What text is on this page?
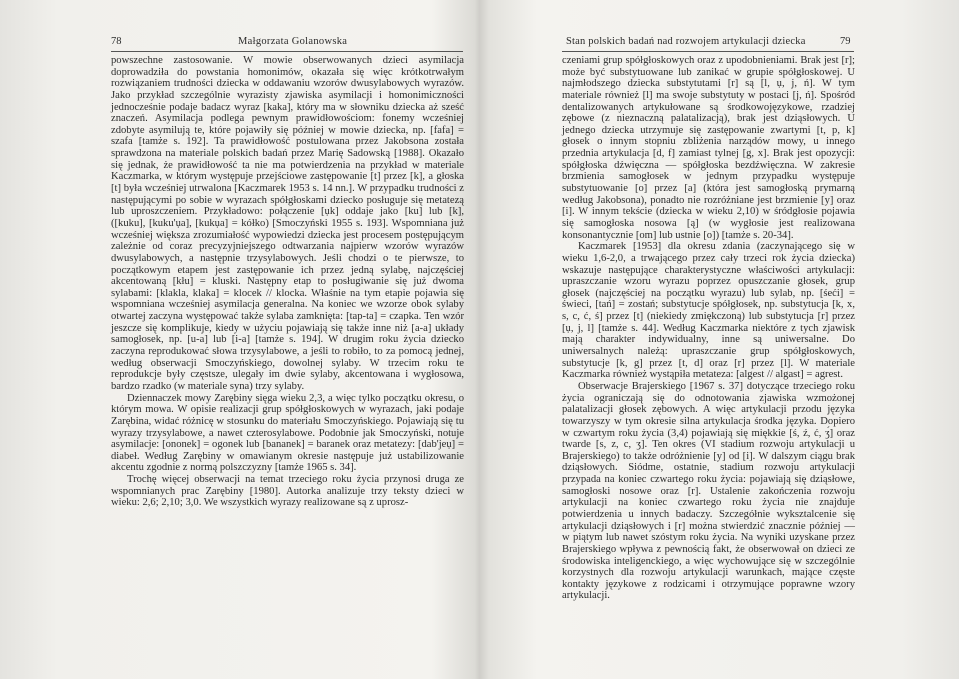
78	Małgorzata Golanowska

powszechne zastosowanie. W mowie obserwowanych dzieci asymilacja doprowadziła do powstania homonimów, okazała się więc krótkotrwałym rozwiązaniem trudności dziecka w oddawaniu wzorów dwusylabowych wyrazów. Jako przykład szczególnie wyrazisty zjawiska asymilacji i homonimiczności jednocześnie podaje badacz wyraz [kaka], który ma w słowniku dziecka aż sześć znaczeń. Asymilacja podlega pewnym prawidłowościom: fonemy wcześniej zdobyte asymilują te, które pojawiły się później w mowie dziecka, np. [fafa] = szafa [tamże s. 192]. Ta prawidłowość postulowana przez Jakobsona została sprawdzona na materiale polskich badań przez Marię Sadowską [1988]. Okazało się jednak, że prawidłowość ta nie ma potwierdzenia na przykład w materiale Kaczmarka, w którym występuje przejściowe zastępowanie [t] przez [k], a głoska [t] była wcześniej utrwalona [Kaczmarek 1953 s. 14 nn.]. W przypadku trudności z następującymi po sobie w wyrazach spółgłoskami dziecko posługuje się metatezą lub uproszczeniem. Przykładowo: połączenie [ụk] oddaje jako [ku] lub [k], ([kuku], [kuku'ụa], [kukụa] = kółko) [Smoczyński 1955 s. 193]. Wspomniana już wcześniej większa zrozumiałość wypowiedzi dziecka jest procesem postępującym zależnie od coraz precyzyjniejszego odtwarzania najpierw wzorów wyrazów dwusylabowych, a następnie trzysylabowych. Jeśli chodzi o te pierwsze, to początkowym etapem jest zastępowanie ich przez jedną sylabę, najczęściej akcentowaną [kłu] = kluski. Następny etap to posługiwanie się już dwoma sylabami: [klakla, klaka] = klocek // klocka. Właśnie na tym etapie pojawia się wspomniana wcześniej asymilacja generalna. Na koniec we wzorze obok sylaby otwartej zaczyna występować także sylaba zamknięta: [tap-ta] = czapka. Ten wzór jeszcze się komplikuje, kiedy w użyciu pojawiają się także inne niż [a-a] układy samogłosek, np. [u-a] lub [i-a] [tamże s. 194]. W drugim roku życia dziecko zaczyna reprodukować słowa trzysylabowe, a jeśli to robiło, to za pomocą jednej, według obserwacji Smoczyńskiego, dowolnej sylaby. W trzecim roku te reprodukcje były częstsze, ulegały im dwie sylaby, akcentowana i wygłosowa, bardzo rzadko (w materiale syna) trzy sylaby.

Dziennaczek mowy Zarębiny sięga wieku 2,3, a więc tylko początku okresu, o którym mowa. W opisie realizacji grup spółgłoskowych w wyrazach, jaki podaje Zarębina, widać różnicę w stosunku do materiału Smoczyńskiego. Pojawiają się tu wyrazy trzysylabowe, a nawet czterosylabowe. Podobnie jak Smoczyński, notuje asymilacje: [ononek] = ogonek lub [bananek] = baranek oraz metatezy: [dab'jeụ] = diabeł. Według Zarębiny w omawianym okresie następuje już ustabilizowanie akcentu zgodnie z normą polszczyzny [tamże 1965 s. 34].

Trochę więcej obserwacji na temat trzeciego roku życia przynosi druga ze wspomnianych prac Zarębiny [1980]. Autorka analizuje trzy teksty dzieci w wieku: 2,6; 2,10; 3,0. We wszystkich wyrazy realizowane są z uprosz-

Stan polskich badań nad rozwojem artykulacji dziecka	79

czeniami grup spółgłoskowych oraz z upodobnieniami. Brak jest [r]; może być substytuowane lub zanikać w grupie spółgłoskowej. U najmłodszego dziecka substytutami [r] są [l, ụ, j, ń]. W tym materiale również [l] ma swoje substytuty w postaci [j, ń]. Spośród dentalizowanych artykułowane są środkowojęzykowe, rzadziej zębowe (z nieznaczną palatalizacją), brak jest dziąsłowych. U jednego dziecka utrzymuje się zastępowanie zwartymi [t, p, k] głosek o innym stopniu zbliżenia narządów mowy, u innego przednia artykulacja [d, f] zamiast tylnej [g, x]. Brak jest opozycji: spółgłoska dźwięczna — spółgłoska bezdźwięczna. W zakresie brzmienia samogłosek w jednym przypadku występuje substytuowanie [o] przez [a] (która jest samogłoską prymarną według Jakobsona), ponadto nie rozróżniane jest brzmienie [y] oraz [i]. W innym tekście (dziecka w wieku 2,10) w śródgłosie pojawia się samogłoska nosowa [ą] (w wygłosie jest realizowana konsonantycznie [om] lub ustnie [o]) [tamże s. 20-34].

Kaczmarek [1953] dla okresu zdania (zaczynającego się w wieku 1,6-2,0, a trwającego przez cały trzeci rok życia dziecka) wskazuje następujące charakterystyczne właściwości artykulacji: upraszczanie wzoru wyrazu poprzez opuszczanie głosek, grup głosek (najczęściej na początku wyrazu) lub sylab, np. [śeći] = świeci, [tań] = zostań; substytucje spółgłosek, np. substytucja [k, x, s, c, ć, ś] przez [t] (niekiedy zmiękczoną) lub substytucja [r] przez [ụ, j, l] [tamże s. 44]. Według Kaczmarka niektóre z tych zjawisk mają charakter indywidualny, inne są uniwersalne. Do uniwersalnych należą: upraszczanie grup spółgłoskowych, substytucje [k, g] przez [t, d] oraz [r] przez [l]. W materiale Kaczmarka również wystąpiła metateza: [algest // algast] = agrest.

Obserwacje Brajerskiego [1967 s. 37] dotyczące trzeciego roku życia ograniczają się do odnotowania zjawiska wzmożonej palatalizacji głosek zębowych. A więc artykulacji przodu języka towarzyszy w tym okresie silna artykulacja środka języka. Dopiero w czwartym roku życia (3,4) pojawiają się miękkie [ś, ź, ć, ʒ́] oraz twarde [s, z, c, ʒ]. Ten okres (VI stadium rozwoju artykulacji u Brajerskiego) to także odróżnienie [y] od [i]. W dalszym ciągu brak dziąsłowych. Siódme, ostatnie, stadium rozwoju artykulacji przypada na koniec czwartego roku życia: pojawiają się dziąsłowe, samogłoski nosowe oraz [r]. Ustalenie zakończenia rozwoju artykulacji na koniec czwartego roku życia nie znajduje potwierdzenia u innych badaczy. Szczegółnie wyksztalcenie się artykulacji dziąsłowych i [r] można stwierdzić znacznie później — w piątym lub nawet szóstym roku życia. Na wyniki uzyskane przez Brajerskiego wpływa z pewnością fakt, że obserwował on dzieci ze środowiska inteligenckiego, a więc wychowujące się w szczególnie korzystnych dla rozwoju artykulacji warunkach, mające częste kontakty językowe z rodzicami i otrzymujące poprawne wzory artykulacji.
